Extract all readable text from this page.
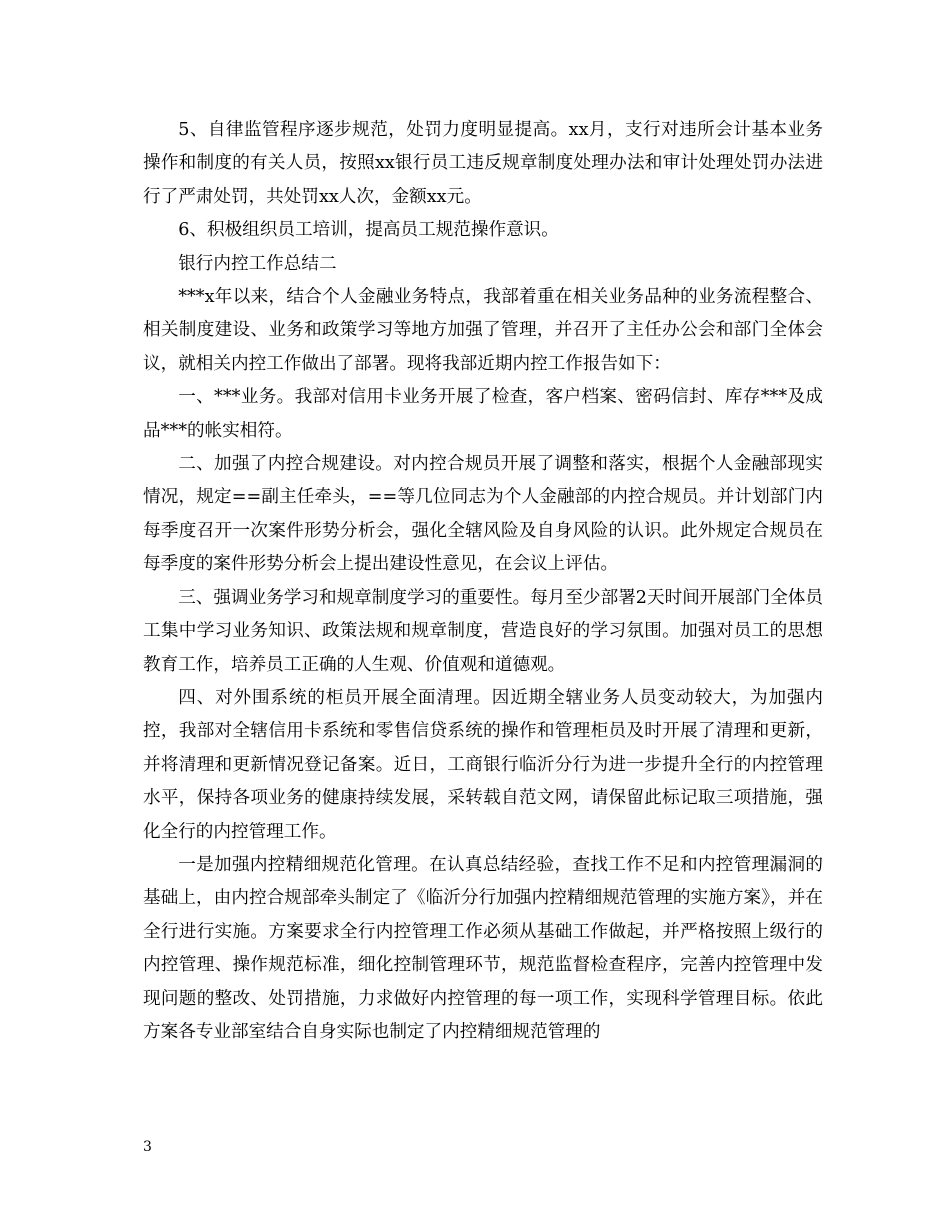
5、自律监管程序逐步规范，处罚力度明显提高。xx月，支行对违所会计基本业务操作和制度的有关人员，按照xx银行员工违反规章制度处理办法和审计处理处罚办法进行了严肃处罚，共处罚xx人次，金额xx元。

6、积极组织员工培训，提高员工规范操作意识。

银行内控工作总结二

***x年以来，结合个人金融业务特点，我部着重在相关业务品种的业务流程整合、相关制度建设、业务和政策学习等地方加强了管理，并召开了主任办公会和部门全体会议，就相关内控工作做出了部署。现将我部近期内控工作报告如下：

一、***业务。我部对信用卡业务开展了检查，客户档案、密码信封、库存***及成品***的帐实相符。

二、加强了内控合规建设。对内控合规员开展了调整和落实，根据个人金融部现实情况，规定==副主任牵头，==等几位同志为个人金融部的内控合规员。并计划部门内每季度召开一次案件形势分析会，强化全辖风险及自身风险的认识。此外规定合规员在每季度的案件形势分析会上提出建设性意见，在会议上评估。

三、强调业务学习和规章制度学习的重要性。每月至少部署2天时间开展部门全体员工集中学习业务知识、政策法规和规章制度，营造良好的学习氛围。加强对员工的思想教育工作，培养员工正确的人生观、价值观和道德观。

四、对外围系统的柜员开展全面清理。因近期全辖业务人员变动较大，为加强内控，我部对全辖信用卡系统和零售信贷系统的操作和管理柜员及时开展了清理和更新，并将清理和更新情况登记备案。近日，工商银行临沂分行为进一步提升全行的内控管理水平，保持各项业务的健康持续发展，采转载自范文网，请保留此标记取三项措施，强化全行的内控管理工作。

一是加强内控精细规范化管理。在认真总结经验，查找工作不足和内控管理漏洞的基础上，由内控合规部牵头制定了《临沂分行加强内控精细规范管理的实施方案》，并在全行进行实施。方案要求全行内控管理工作必须从基础工作做起，并严格按照上级行的内控管理、操作规范标准，细化控制管理环节，规范监督检查程序，完善内控管理中发现问题的整改、处罚措施，力求做好内控管理的每一项工作，实现科学管理目标。依此方案各专业部室结合自身实际也制定了内控精细规范管理的

3
